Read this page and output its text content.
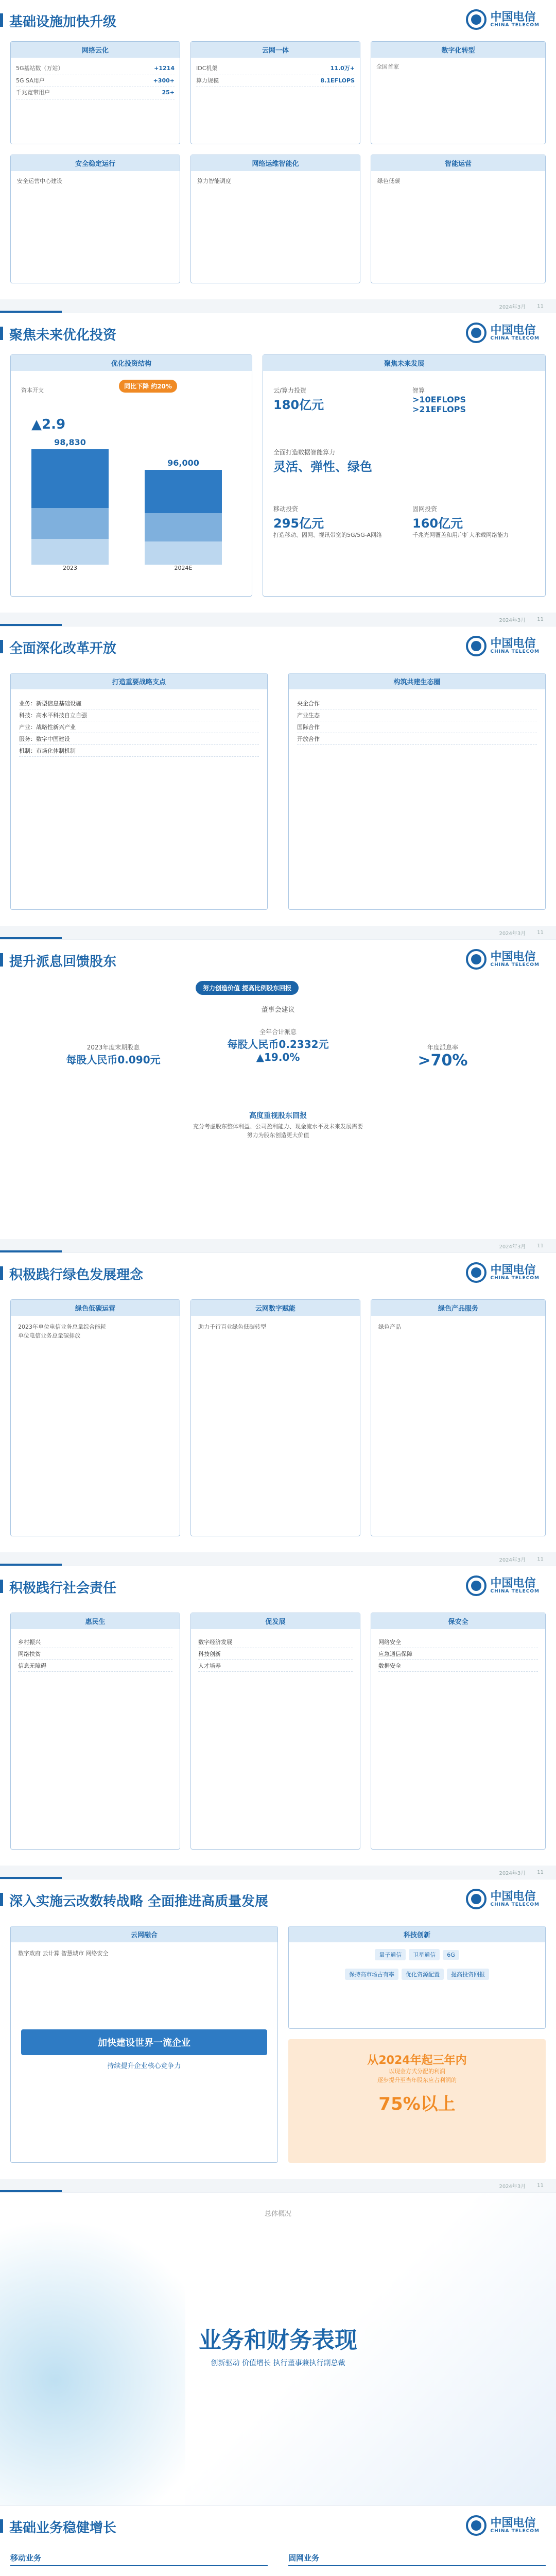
基础设施加快升级	中国电信
CHINA TELECOM
网络云化
5G基站数（万站）	+1214
5G SA用户	+300+
千兆宽带用户	25+
云网一体
IDC机架	11.0万+
算力规模	8.1EFLOPS
数字化转型
全国首家
安全稳定运行
安全运营中心建设
网络运维智能化
算力智能调度
智能运营
绿色低碳
2024年3月 11
聚焦未来优化投资	中国电信
CHINA TELECOM
优化投资结构
资本开支
同比下降 约20%
▲2.9
98,830
2023
96,000
2024E
聚焦未来发展
云/算力投资
180亿元
智算
>10EFLOPS
>21EFLOPS
全面打造数据智能算力
灵活、弹性、绿色
移动投资
295亿元
打造移动、固网、视讯带宽的5G/5G-A网络
固网投资
160亿元
千兆光网覆盖和用户扩大承载网络能力
2024年3月 11
全面深化改革开放	中国电信
CHINA TELECOM
打造重要战略支点
业务：新型信息基础设施
科技：高水平科技自立自强
产业：战略性新兴产业
服务：数字中国建设
机制：市场化体制机制
构筑共建生态圈
央企合作
产业生态
国际合作
开放合作
2024年3月 11
提升派息回馈股东	中国电信
CHINA TELECOM
努力创造价值 提高比例股东回报
董事会建议
2023年度末期股息
每股人民币0.090元
全年合计派息
每股人民币0.2332元
▲19.0%
年度派息率
>70%
高度重视股东回报
充分考虑股东整体利益、公司盈利能力、现金流水平及未来发展需要
努力为股东创造更大价值
2024年3月 11
积极践行绿色发展理念	中国电信
CHINA TELECOM
绿色低碳运营
2023年单位电信业务总量综合能耗
单位电信业务总量碳排放
云网数字赋能
助力千行百业绿色低碳转型
绿色产品服务
绿色产品
2024年3月 11
积极践行社会责任	中国电信
CHINA TELECOM
惠民生
乡村振兴
网络扶贫
信息无障碍
促发展
数字经济发展
科技创新
人才培养
保安全
网络安全
应急通信保障
数据安全
2024年3月 11
深入实施云改数转战略 全面推进高质量发展	中国电信
CHINA TELECOM
云网融合
数字政府 云计算 智慧城市 网络安全
加快建设世界一流企业
持续提升企业核心竞争力
科技创新
量子通信 卫星通信 6G
保持高市场占有率 优化资源配置 提高投资回报
从2024年起三年内
以现金方式分配的利润
逐步提升至当年股东应占利润的
75%以上
2024年3月 11
总体概况
业务和财务表现
创新驱动 价值增长 执行董事兼执行副总裁
基础业务稳健增长	中国电信
CHINA TELECOM
移动业务	固网业务
